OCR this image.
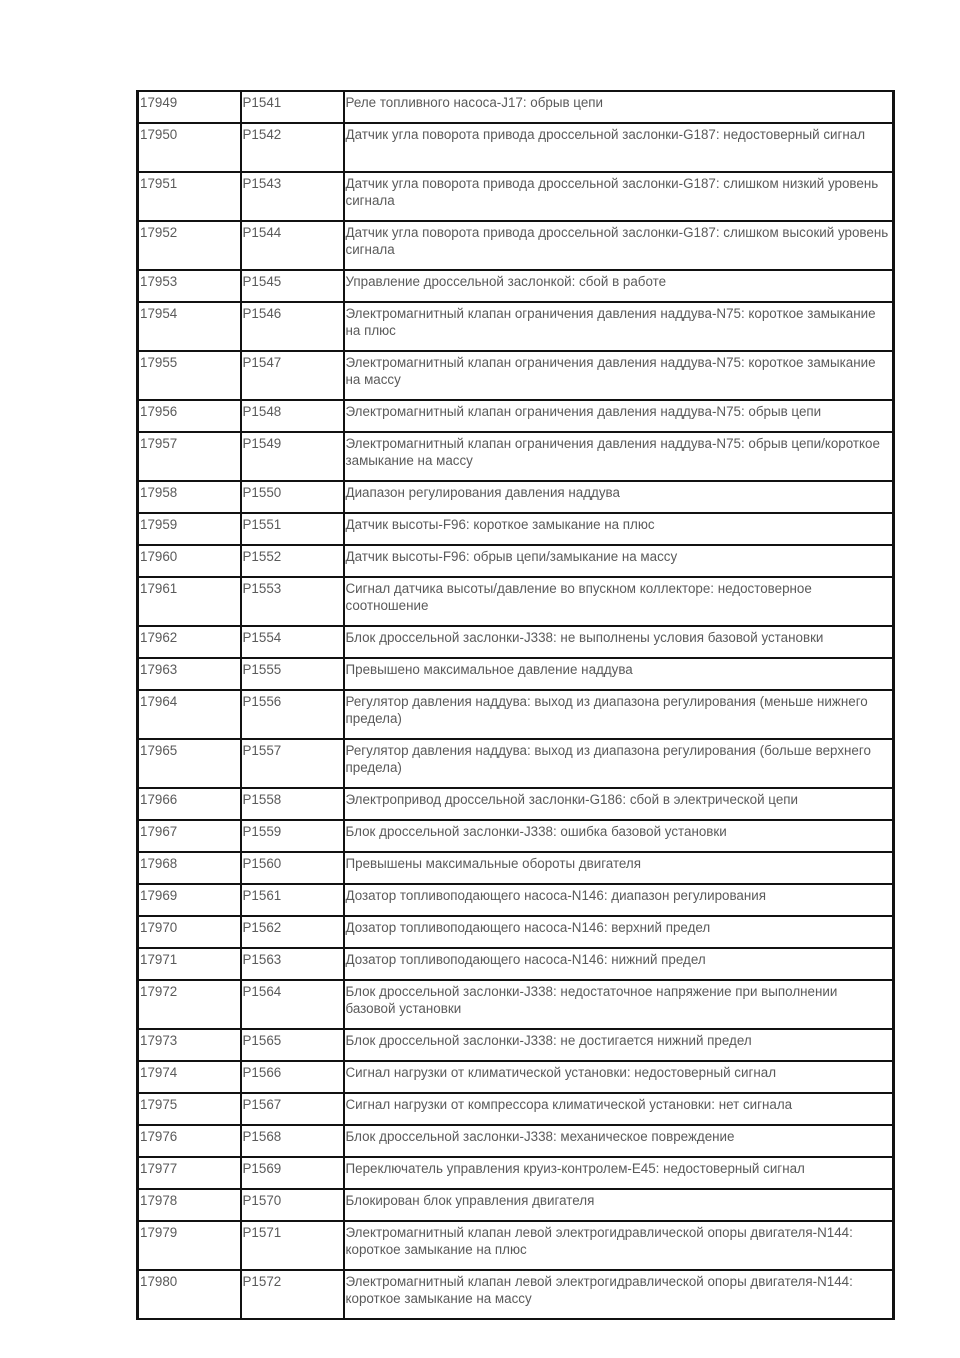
17949	P1541	Реле топливного насоса-J17: обрыв цепи
17950	P1542	Датчик угла поворота привода дроссельной заслонки-G187: недостоверный сигнал
17951	P1543	Датчик угла поворота привода дроссельной заслонки-G187: слишком низкий уровень сигнала
17952	P1544	Датчик угла поворота привода дроссельной заслонки-G187: слишком высокий уровень сигнала
17953	P1545	Управление дроссельной заслонкой: сбой в работе
17954	P1546	Электромагнитный клапан ограничения давления наддува-N75: короткое замыкание на плюс
17955	P1547	Электромагнитный клапан ограничения давления наддува-N75: короткое замыкание на массу
17956	P1548	Электромагнитный клапан ограничения давления наддува-N75: обрыв цепи
17957	P1549	Электромагнитный клапан ограничения давления наддува-N75: обрыв цепи/короткое замыкание на массу
17958	P1550	Диапазон регулирования давления наддува
17959	P1551	Датчик высоты-F96: короткое замыкание на плюс
17960	P1552	Датчик высоты-F96: обрыв цепи/замыкание на массу
17961	P1553	Сигнал датчика высоты/давление во впускном коллекторе: недостоверное соотношение
17962	P1554	Блок дроссельной заслонки-J338: не выполнены условия базовой установки
17963	P1555	Превышено максимальное давление наддува
17964	P1556	Регулятор давления наддува: выход из диапазона регулирования (меньше нижнего предела)
17965	P1557	Регулятор давления наддува: выход из диапазона регулирования (больше верхнего предела)
17966	P1558	Электропривод дроссельной заслонки-G186: сбой в электрической цепи
17967	P1559	Блок дроссельной заслонки-J338: ошибка базовой установки
17968	P1560	Превышены максимальные обороты двигателя
17969	P1561	Дозатор топливоподающего насоса-N146: диапазон регулирования
17970	P1562	Дозатор топливоподающего насоса-N146: верхний предел
17971	P1563	Дозатор топливоподающего насоса-N146: нижний предел
17972	P1564	Блок дроссельной заслонки-J338: недостаточное напряжение при выполнении базовой установки
17973	P1565	Блок дроссельной заслонки-J338: не достигается нижний предел
17974	P1566	Сигнал нагрузки от климатической установки: недостоверный сигнал
17975	P1567	Сигнал нагрузки от компрессора климатической установки: нет сигнала
17976	P1568	Блок дроссельной заслонки-J338: механическое повреждение
17977	P1569	Переключатель управления круиз-контролем-E45: недостоверный сигнал
17978	P1570	Блокирован блок управления двигателя
17979	P1571	Электромагнитный клапан левой электрогидравлической опоры двигателя-N144: короткое замыкание на плюс
17980	P1572	Электромагнитный клапан левой электрогидравлической опоры двигателя-N144: короткое замыкание на массу
